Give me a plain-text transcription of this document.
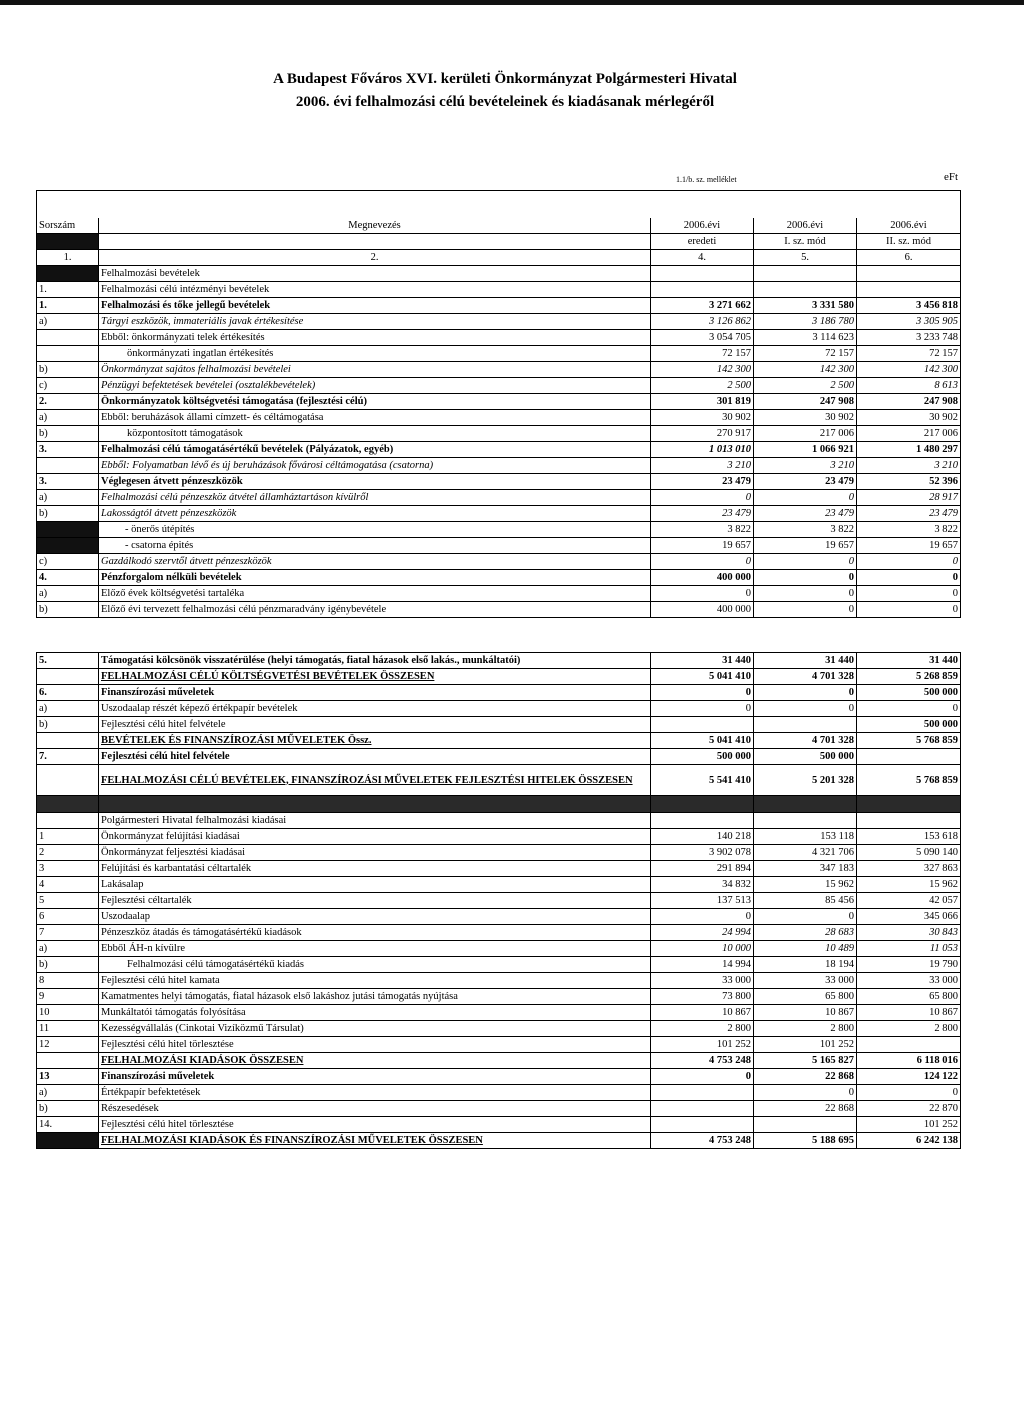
A Budapest Főváros XVI. kerületi Önkormányzat Polgármesteri Hivatal
2006. évi felhalmozási célú bevételeinek és kiadásanak mérlegéről
1.1/b. sz. melléklet	eFt
Sorszám	Megnevezés	2006.évi	2006.évi	2006.évi
		eredeti	I. sz. mód	II. sz. mód
1.	2.	4.	5.	6.
	Felhalmozási bevételek			
1.	Felhalmozási célú intézményi bevételek			
1.	Felhalmozási és tőke jellegű bevételek	3 271 662	3 331 580	3 456 818
a)	Tárgyi eszközök, immateriális javak értékesítése	3 126 862	3 186 780	3 305 905
	Ebből: önkormányzati telek értékesítés	3 054 705	3 114 623	3 233 748
	önkormányzati ingatlan értékesítés	72 157	72 157	72 157
b)	Önkormányzat sajátos felhalmozási bevételei	142 300	142 300	142 300
c)	Pénzügyi befektetések bevételei (osztalékbevételek)	2 500	2 500	8 613
2.	Önkormányzatok költségvetési támogatása (fejlesztési célú)	301 819	247 908	247 908
a)	Ebből: beruházások állami címzett- és céltámogatása	30 902	30 902	30 902
b)	központosított támogatások	270 917	217 006	217 006
3.	Felhalmozási célú támogatásértékű bevételek (Pályázatok, egyéb)	1 013 010	1 066 921	1 480 297
	Ebből: Folyamatban lévő és új beruházások fővárosi céltámogatása (csatorna)	3 210	3 210	3 210
3.	Véglegesen átvett pénzeszközök	23 479	23 479	52 396
a)	Felhalmozási célú pénzeszköz átvétel államháztartáson kívülről	0	0	28 917
b)	Lakosságtól átvett pénzeszközök	23 479	23 479	23 479
	- önerős útépítés	3 822	3 822	3 822
	- csatorna épités	19 657	19 657	19 657
c)	Gazdálkodó szervtől átvett pénzeszközök	0	0	0
4.	Pénzforgalom nélküli bevételek	400 000	0	0
a)	Előző évek költségvetési tartaléka	0	0	0
b)	Előző évi tervezett felhalmozási célú pénzmaradvány igénybevétele	400 000	0	0

5.	Támogatási kölcsönök visszatérülése (helyi támogatás, fiatal házasok első lakás., munkáltatói)	31 440	31 440	31 440
	FELHALMOZÁSI CÉLÚ KÖLTSÉGVETÉSI BEVÉTELEK ÖSSZESEN	5 041 410	4 701 328	5 268 859
6.	Finanszírozási műveletek	0	0	500 000
a)	Uszodaalap részét képező értékpapír bevételek	0	0	0
b)	Fejlesztési célú hitel felvétele			500 000
	BEVÉTELEK ÉS FINANSZÍROZÁSI MŰVELETEK Össz.	5 041 410	4 701 328	5 768 859
7.	Fejlesztési célú hitel felvétele	500 000	500 000	
	FELHALMOZÁSI CÉLÚ BEVÉTELEK, FINANSZÍROZÁSI MŰVELETEK FEJLESZTÉSI HITELEK ÖSSZESEN	5 541 410	5 201 328	5 768 859

	Polgármesteri Hivatal felhalmozási kiadásai			
1	Önkormányzat felújítási kiadásai	140 218	153 118	153 618
2	Önkormányzat feljesztési kiadásai	3 902 078	4 321 706	5 090 140
3	Felújítási és karbantatási céltartalék	291 894	347 183	327 863
4	Lakásalap	34 832	15 962	15 962
5	Fejlesztési céltartalék	137 513	85 456	42 057
6	Uszodaalap	0	0	345 066
7	Pénzeszköz átadás és támogatásértékű kiadások	24 994	28 683	30 843
a)	Ebből ÁH-n kívülre	10 000	10 489	11 053
b)	Felhalmozási célú támogatásértékű kiadás	14 994	18 194	19 790
8	Fejlesztési célú hitel kamata	33 000	33 000	33 000
9	Kamatmentes helyi támogatás, fiatal házasok első lakáshoz jutási támogatás nyújtása	73 800	65 800	65 800
10	Munkáltatói támogatás folyósítása	10 867	10 867	10 867
11	Kezességvállalás (Cinkotai Vizíközmű Társulat)	2 800	2 800	2 800
12	Fejlesztési célú hitel törlesztése	101 252	101 252	
	FELHALMOZÁSI KIADÁSOK ÖSSZESEN	4 753 248	5 165 827	6 118 016
13	Finanszírozási műveletek	0	22 868	124 122
a)	Értékpapír befektetések		0	0
b)	Részesedések		22 868	22 870
14.	Fejlesztési célú hitel törlesztése			101 252
	FELHALMOZÁSI KIADÁSOK ÉS FINANSZÍROZÁSI MŰVELETEK ÖSSZESEN	4 753 248	5 188 695	6 242 138
